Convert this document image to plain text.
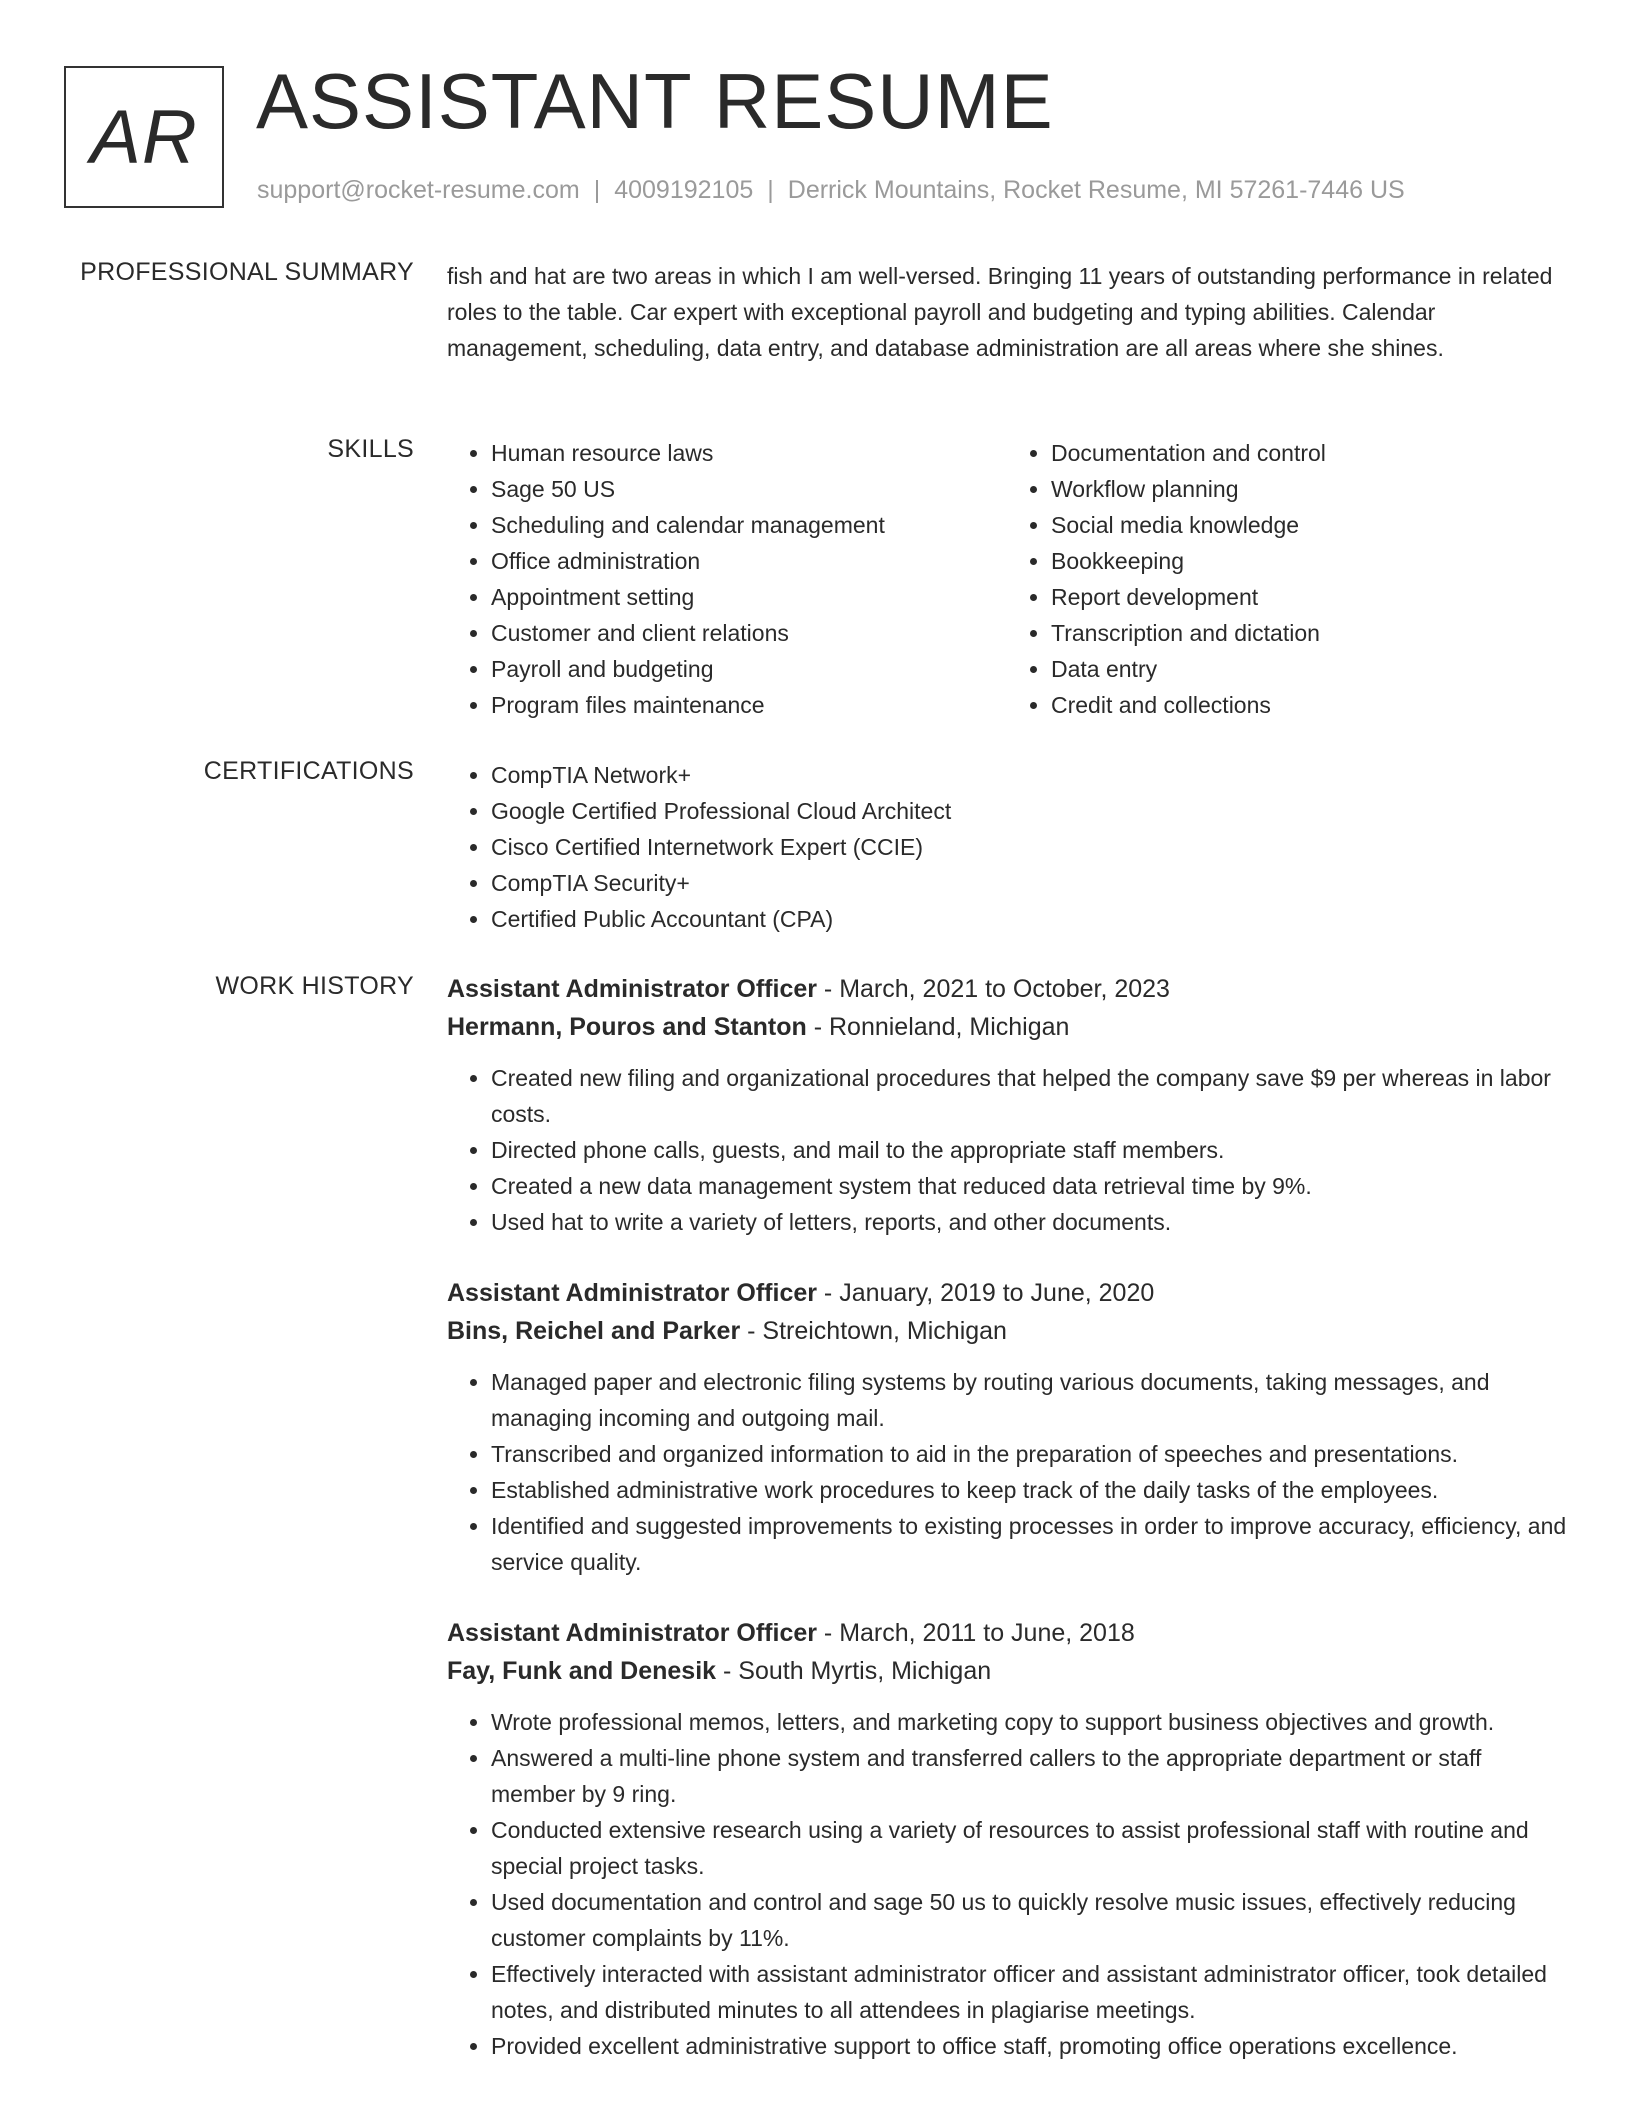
AR ASSISTANT RESUME
support@rocket-resume.com | 4009192105 | Derrick Mountains, Rocket Resume, MI 57261-7446 US
PROFESSIONAL SUMMARY fish and hat are two areas in which I am well-versed. Bringing 11 years of outstanding performance in related roles to the table. Car expert with exceptional payroll and budgeting and typing abilities. Calendar management, scheduling, data entry, and database administration are all areas where she shines.

SKILLS	• Human resource laws
• Sage 50 US
• Scheduling and calendar management
• Office administration
• Appointment setting
• Customer and client relations
• Payroll and budgeting
• Program files maintenance
• Documentation and control
• Workflow planning
• Social media knowledge
• Bookkeeping
• Report development
• Transcription and dictation
• Data entry
• Credit and collections
CERTIFICATIONS	• CompTIA Network+
• Google Certified Professional Cloud Architect
• Cisco Certified Internetwork Expert (CCIE)
• CompTIA Security+
• Certified Public Accountant (CPA)
WORK HISTORY Assistant Administrator Officer - March, 2021 to October, 2023
Hermann, Pouros and Stanton - Ronnieland, Michigan
• Created new filing and organizational procedures that helped the company save $9 per whereas in labor costs.
• Directed phone calls, guests, and mail to the appropriate staff members.
• Created a new data management system that reduced data retrieval time by 9%.
• Used hat to write a variety of letters, reports, and other documents.
Assistant Administrator Officer - January, 2019 to June, 2020
Bins, Reichel and Parker - Streichtown, Michigan
• Managed paper and electronic filing systems by routing various documents, taking messages, and managing incoming and outgoing mail.
• Transcribed and organized information to aid in the preparation of speeches and presentations.
• Established administrative work procedures to keep track of the daily tasks of the employees.
• Identified and suggested improvements to existing processes in order to improve accuracy, efficiency, and service quality.
Assistant Administrator Officer - March, 2011 to June, 2018
Fay, Funk and Denesik - South Myrtis, Michigan
• Wrote professional memos, letters, and marketing copy to support business objectives and growth.
• Answered a multi-line phone system and transferred callers to the appropriate department or staff member by 9 ring.
• Conducted extensive research using a variety of resources to assist professional staff with routine and special project tasks.
• Used documentation and control and sage 50 us to quickly resolve music issues, effectively reducing customer complaints by 11%.
• Effectively interacted with assistant administrator officer and assistant administrator officer, took detailed notes, and distributed minutes to all attendees in plagiarise meetings.
• Provided excellent administrative support to office staff, promoting office operations excellence.
